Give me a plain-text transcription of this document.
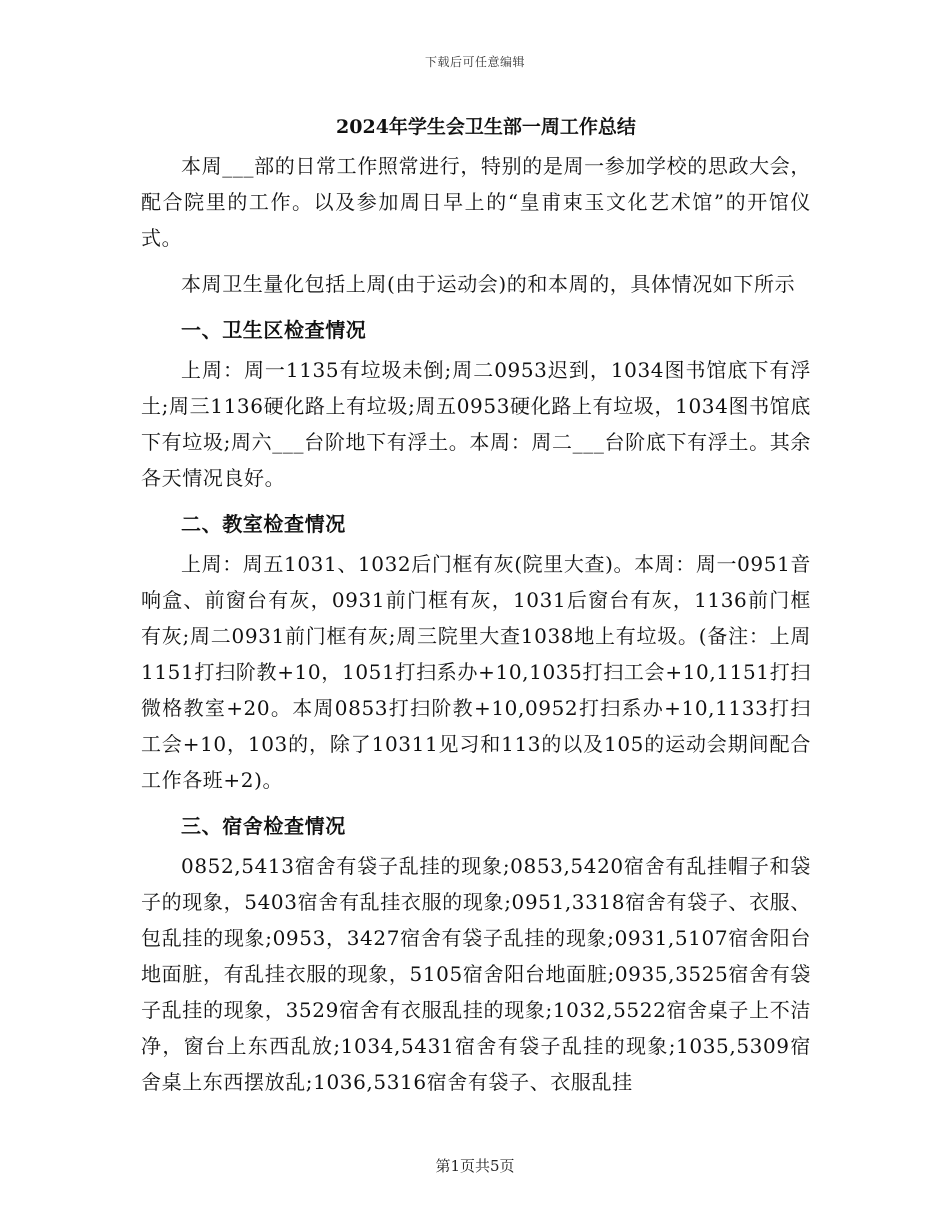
下载后可任意编辑
2024年学生会卫生部一周工作总结

本周___部的日常工作照常进行，特别的是周一参加学校的思政大会，配合院里的工作。以及参加周日早上的“皇甫束玉文化艺术馆”的开馆仪式。

本周卫生量化包括上周(由于运动会)的和本周的，具体情况如下所示

一、卫生区检查情况

上周：周一1135有垃圾未倒;周二0953迟到，1034图书馆底下有浮土;周三1136硬化路上有垃圾;周五0953硬化路上有垃圾，1034图书馆底下有垃圾;周六___台阶地下有浮土。本周：周二___台阶底下有浮土。其余各天情况良好。

二、教室检查情况

上周：周五1031、1032后门框有灰(院里大查)。本周：周一0951音响盒、前窗台有灰，0931前门框有灰，1031后窗台有灰，1136前门框有灰;周二0931前门框有灰;周三院里大查1038地上有垃圾。(备注：上周1151打扫阶教+10，1051打扫系办+10,1035打扫工会+10,1151打扫微格教室+20。本周0853打扫阶教+10,0952打扫系办+10,1133打扫工会+10，103的，除了10311见习和113的以及105的运动会期间配合工作各班+2)。

三、宿舍检查情况

0852,5413宿舍有袋子乱挂的现象;0853,5420宿舍有乱挂帽子和袋子的现象，5403宿舍有乱挂衣服的现象;0951,3318宿舍有袋子、衣服、包乱挂的现象;0953，3427宿舍有袋子乱挂的现象;0931,5107宿舍阳台地面脏，有乱挂衣服的现象，5105宿舍阳台地面脏;0935,3525宿舍有袋子乱挂的现象，3529宿舍有衣服乱挂的现象;1032,5522宿舍桌子上不洁净，窗台上东西乱放;1034,5431宿舍有袋子乱挂的现象;1035,5309宿舍桌上东西摆放乱;1036,5316宿舍有袋子、衣服乱挂

第1页共5页
